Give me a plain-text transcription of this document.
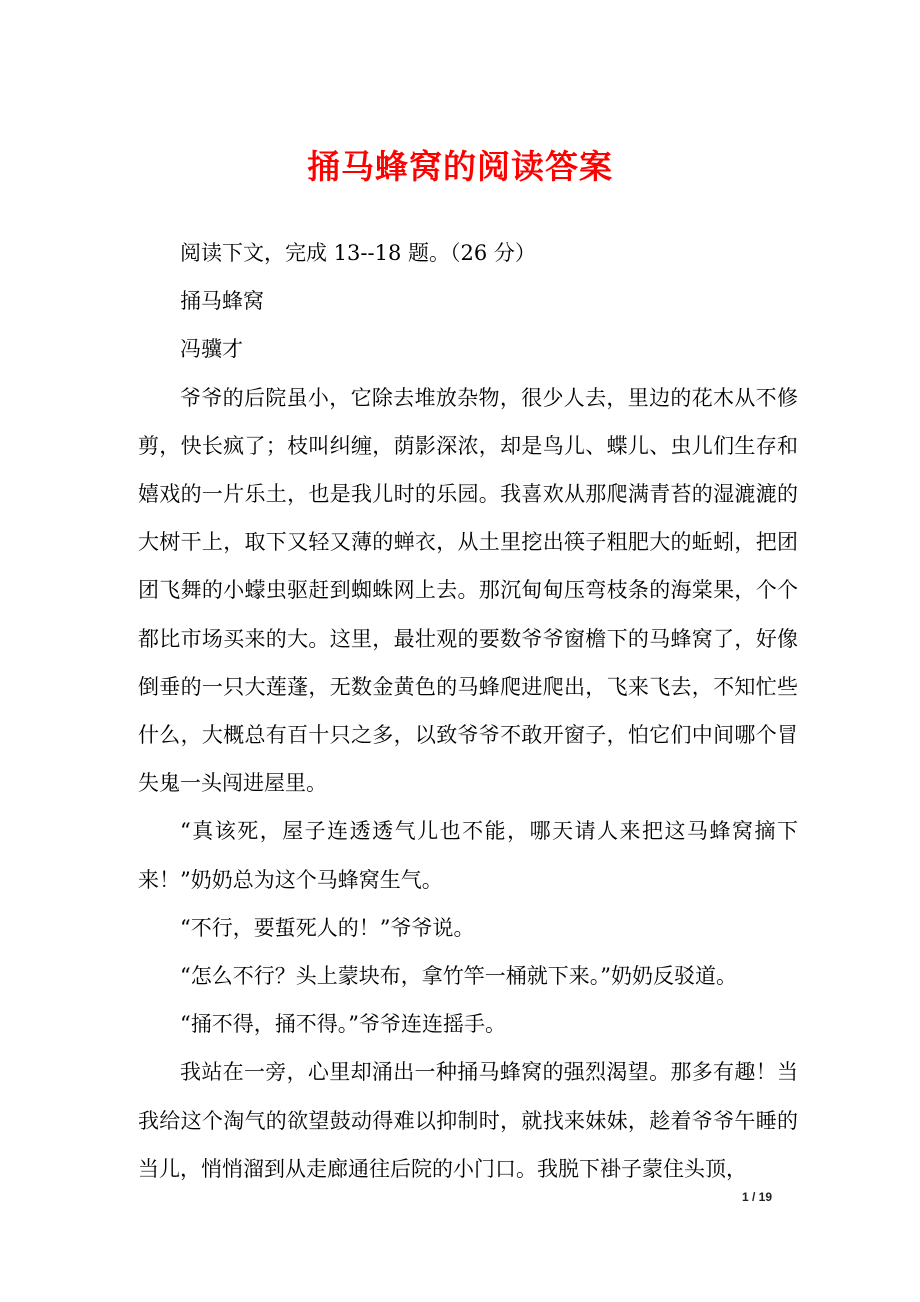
捅马蜂窝的阅读答案

阅读下文，完成 13--18 题。（26 分）

捅马蜂窝

冯骥才

爷爷的后院虽小，它除去堆放杂物，很少人去，里边的花木从不修剪，快长疯了；枝叫纠缠，荫影深浓，却是鸟儿、蝶儿、虫儿们生存和嬉戏的一片乐土，也是我儿时的乐园。我喜欢从那爬满青苔的湿漉漉的大树干上，取下又轻又薄的蝉衣，从土里挖出筷子粗肥大的蚯蚓，把团团飞舞的小蠓虫驱赶到蜘蛛网上去。那沉甸甸压弯枝条的海棠果，个个都比市场买来的大。这里，最壮观的要数爷爷窗檐下的马蜂窝了，好像倒垂的一只大莲蓬，无数金黄色的马蜂爬进爬出，飞来飞去，不知忙些什么，大概总有百十只之多，以致爷爷不敢开窗子，怕它们中间哪个冒失鬼一头闯进屋里。

“真该死，屋子连透透气儿也不能，哪天请人来把这马蜂窝摘下来！”奶奶总为这个马蜂窝生气。

“不行，要蜇死人的！”爷爷说。

“怎么不行？头上蒙块布，拿竹竿一桶就下来。”奶奶反驳道。

“捅不得，捅不得。”爷爷连连摇手。

我站在一旁，心里却涌出一种捅马蜂窝的强烈渴望。那多有趣！当我给这个淘气的欲望鼓动得难以抑制时，就找来妹妹，趁着爷爷午睡的当儿，悄悄溜到从走廊通往后院的小门口。我脱下褂子蒙住头顶，

1 / 19
